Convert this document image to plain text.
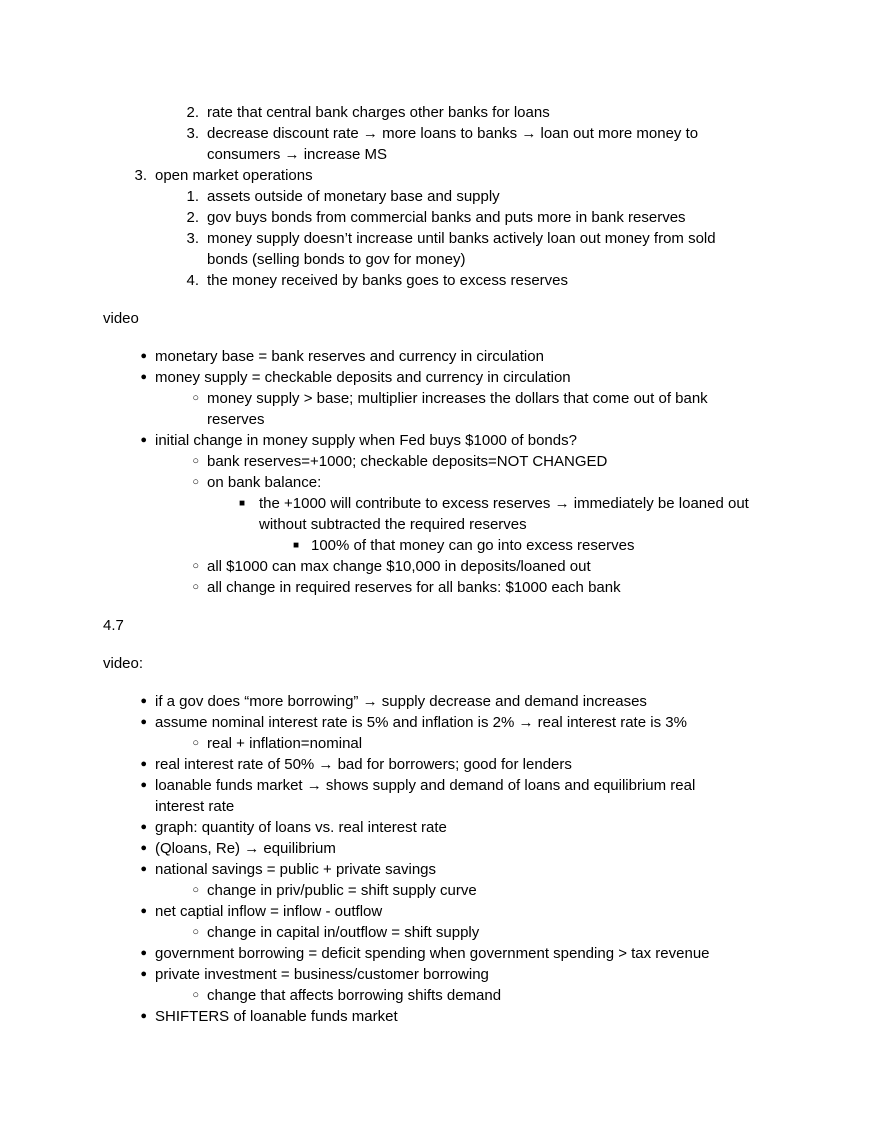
2. rate that central bank charges other banks for loans
3. decrease discount rate → more loans to banks → loan out more money to
consumers → increase MS
3. open market operations
1. assets outside of monetary base and supply
2. gov buys bonds from commercial banks and puts more in bank reserves
3. money supply doesn’t increase until banks actively loan out money from sold
bonds (selling bonds to gov for money)
4. the money received by banks goes to excess reserves
video
● monetary base = bank reserves and currency in circulation
● money supply = checkable deposits and currency in circulation
○ money supply > base; multiplier increases the dollars that come out of bank
reserves
● initial change in money supply when Fed buys $1000 of bonds?
○ bank reserves=+1000; checkable deposits=NOT CHANGED
○ on bank balance:
■ the +1000 will contribute to excess reserves → immediately be loaned out
without subtracted the required reserves
■ 100% of that money can go into excess reserves
○ all $1000 can max change $10,000 in deposits/loaned out
○ all change in required reserves for all banks: $1000 each bank
4.7
video:
● if a gov does “more borrowing” → supply decrease and demand increases
● assume nominal interest rate is 5% and inflation is 2% → real interest rate is 3%
○ real + inflation=nominal
● real interest rate of 50% → bad for borrowers; good for lenders
● loanable funds market → shows supply and demand of loans and equilibrium real
interest rate
● graph: quantity of loans vs. real interest rate
● (Qloans, Re) → equilibrium
● national savings = public + private savings
○ change in priv/public = shift supply curve
● net captial inflow = inflow - outflow
○ change in capital in/outflow = shift supply
● government borrowing = deficit spending when government spending > tax revenue
● private investment = business/customer borrowing
○ change that affects borrowing shifts demand
● SHIFTERS of loanable funds market
